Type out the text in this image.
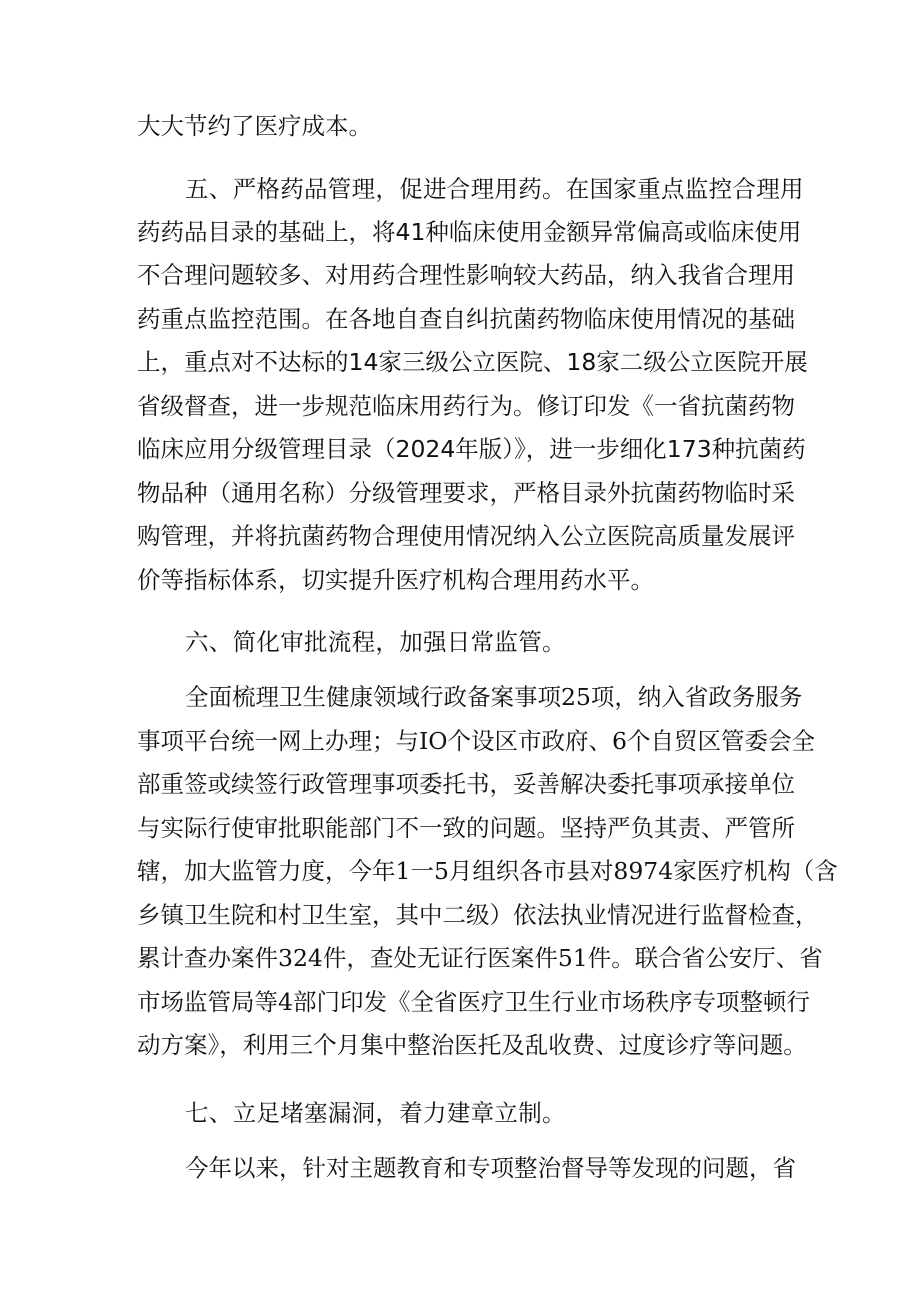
大大节约了医疗成本。

五、严格药品管理，促进合理用药。在国家重点监控合理用

药药品目录的基础上，将41种临床使用金额异常偏高或临床使用

不合理问题较多、对用药合理性影响较大药品，纳入我省合理用

药重点监控范围。在各地自查自纠抗菌药物临床使用情况的基础

上，重点对不达标的14家三级公立医院、18家二级公立医院开展

省级督查，进一步规范临床用药行为。修订印发《一省抗菌药物

临床应用分级管理目录（2024年版）》，进一步细化173种抗菌药

物品种（通用名称）分级管理要求，严格目录外抗菌药物临时采

购管理，并将抗菌药物合理使用情况纳入公立医院高质量发展评

价等指标体系，切实提升医疗机构合理用药水平。

六、简化审批流程，加强日常监管。

全面梳理卫生健康领域行政备案事项25项，纳入省政务服务

事项平台统一网上办理；与IO个设区市政府、6个自贸区管委会全

部重签或续签行政管理事项委托书，妥善解决委托事项承接单位

与实际行使审批职能部门不一致的问题。坚持严负其责、严管所

辖，加大监管力度，今年1一5月组织各市县对8974家医疗机构（含

乡镇卫生院和村卫生室，其中二级）依法执业情况进行监督检查，

累计查办案件324件，查处无证行医案件51件。联合省公安厅、省

市场监管局等4部门印发《全省医疗卫生行业市场秩序专项整顿行

动方案》，利用三个月集中整治医托及乱收费、过度诊疗等问题。

七、立足堵塞漏洞，着力建章立制。

今年以来，针对主题教育和专项整治督导等发现的问题，省
